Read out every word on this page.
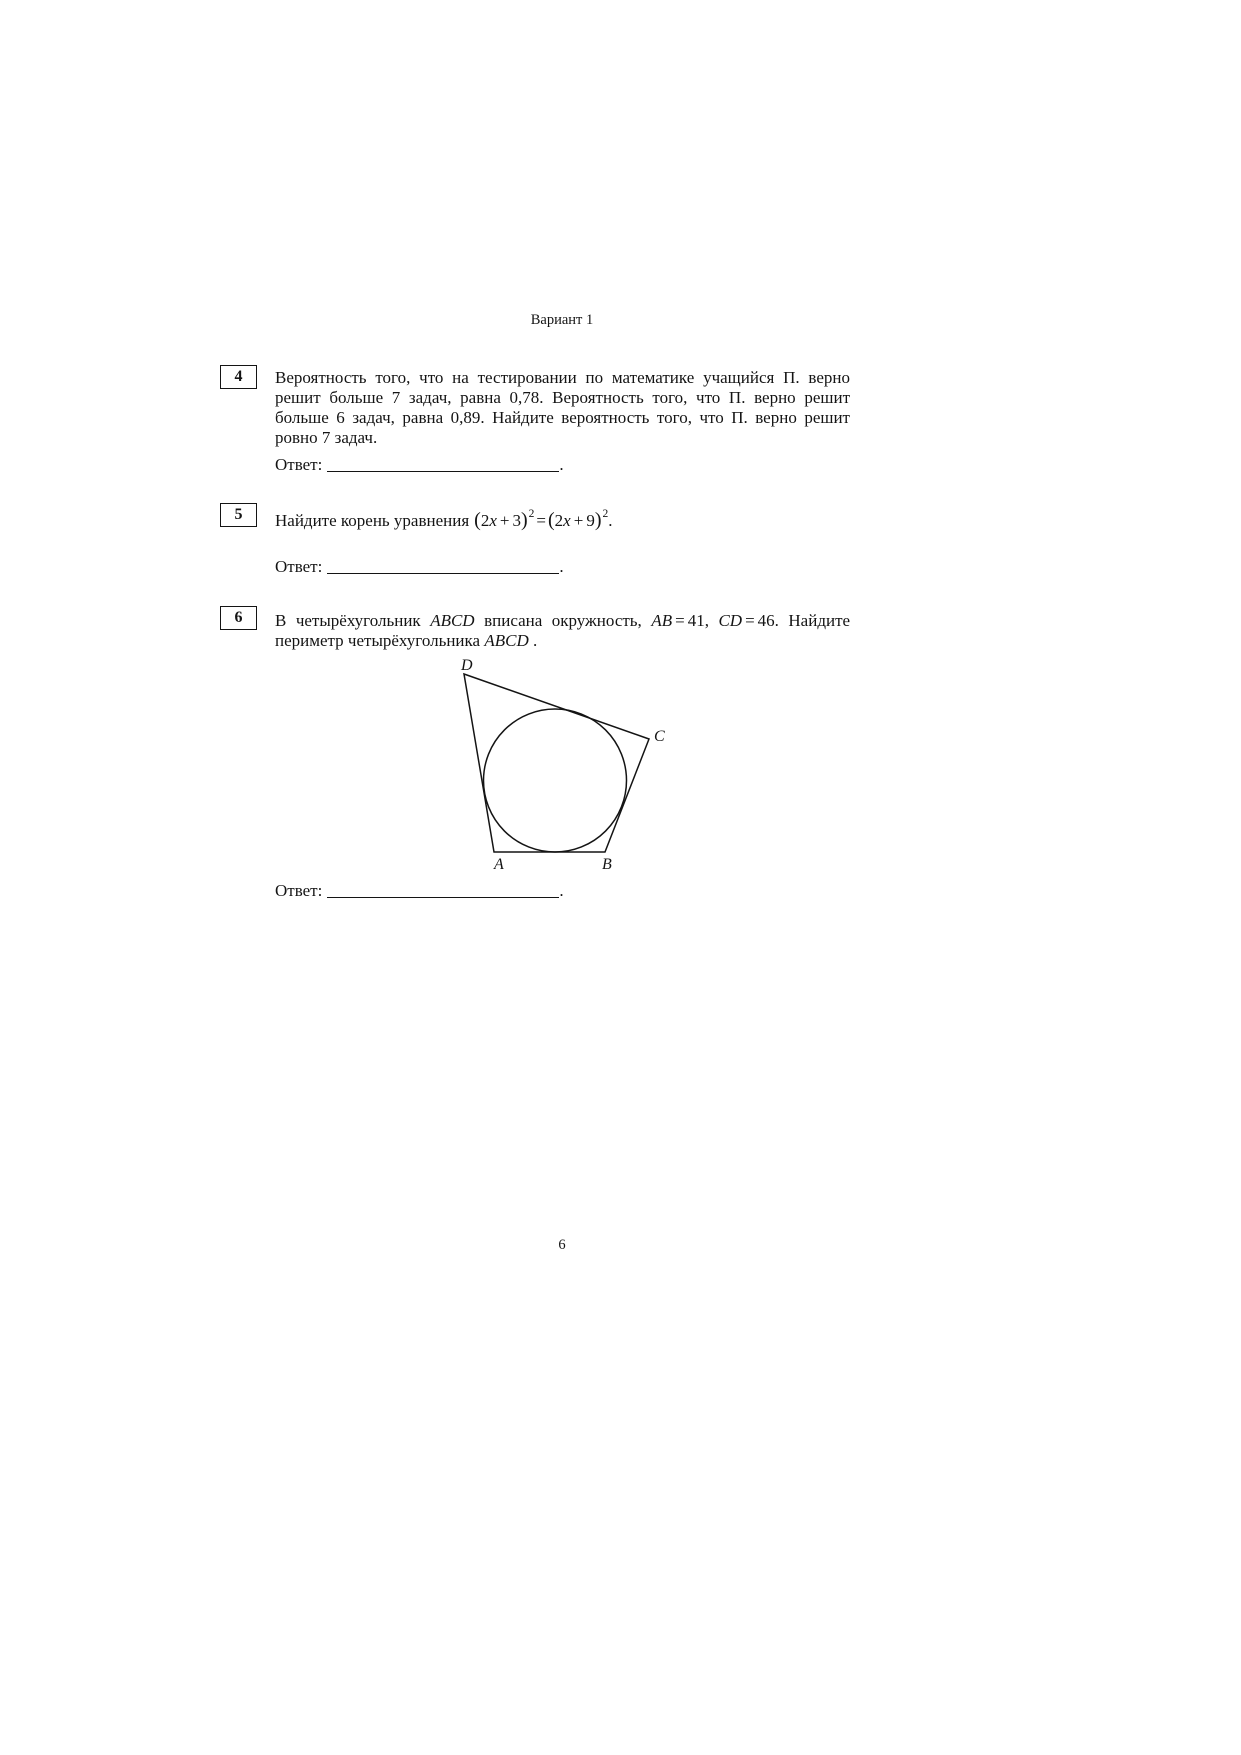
Вариант 1
4 Вероятность того, что на тестировании по математике учащийся П. верно
решит больше 7 задач, равна 0,78. Вероятность того, что П. верно решит
больше 6 задач, равна 0,89. Найдите вероятность того, что П. верно решит
ровно 7 задач.
Ответ:	.
5 Найдите корень уравнения $(2x + 3)^2 = (2x + 9)^2$.
Ответ:	.
6 В четырёхугольник ABCD вписана окружность, AB = 41, CD = 46. Найдите
периметр четырёхугольника ABCD .
D
C
A	B
Ответ:	.
6
